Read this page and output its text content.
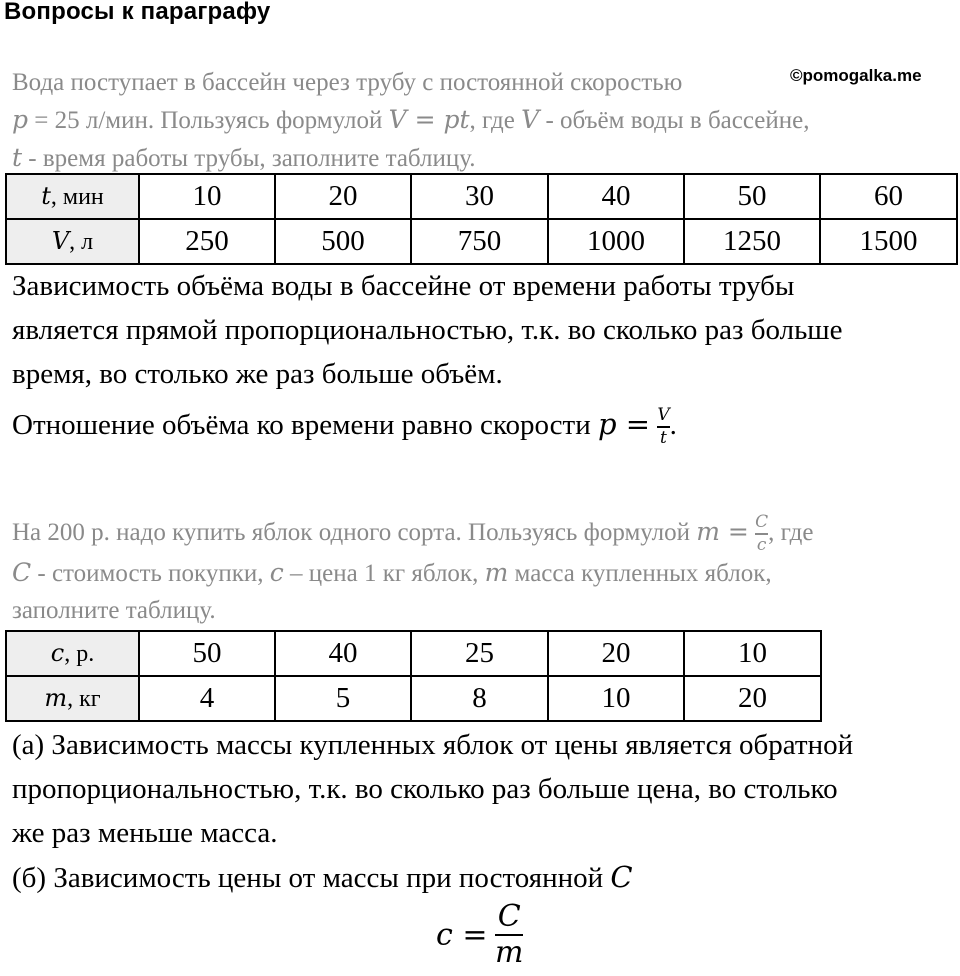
Вопросы к параграфу
©pomogalka.me

Вода поступает в бассейн через трубу с постоянной скоростью

p = 25 л/мин. Пользуясь формулой V = pt, где V - объём воды в бассейне,

t - время работы трубы, заполните таблицу.

t, мин	10	20	30	40	50	60
V, л	250	500	750	1000	1250	1500

Зависимость объёма воды в бассейне от времени работы трубы

является прямой пропорциональностью, т.к. во сколько раз больше

время, во столько же раз больше объём.

Отношение объёма ко времени равно скорости $p = \frac{V}{t}$ .

На 200 р. надо купить яблок одного сорта. Пользуясь формулой $m = \frac{C}{c}$ , где

C - стоимость покупки, c – цена 1 кг яблок, m масса купленных яблок,

заполните таблицу.

c, р.	50	40	25	20	10
m, кг	4	5	8	10	20

(а) Зависимость массы купленных яблок от цены является обратной

пропорциональностью, т.к. во сколько раз больше цена, во столько

же раз меньше масса.

(б) Зависимость цены от массы при постоянной C

$c = \frac{C}{m}$
